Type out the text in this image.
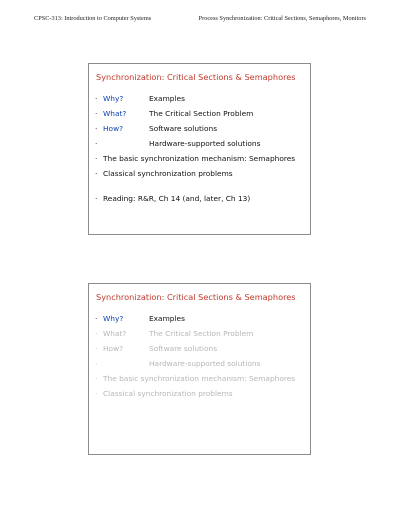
CPSC-313: Introduction to Computer Systems	Process Synchronization: Critical Sections, Semaphores, Monitors
Synchronization: Critical Sections & Semaphores
· Why?	Examples
· What?	The Critical Section Problem
· How?	Software solutions
·	Hardware-supported solutions
· The basic synchronization mechanism: Semaphores
· Classical synchronization problems
· Reading: R&R, Ch 14 (and, later, Ch 13)
Synchronization: Critical Sections & Semaphores
· Why?	Examples
· What?	The Critical Section Problem
· How?	Software solutions
·	Hardware-supported solutions
· The basic synchronization mechanism: Semaphores
· Classical synchronization problems
